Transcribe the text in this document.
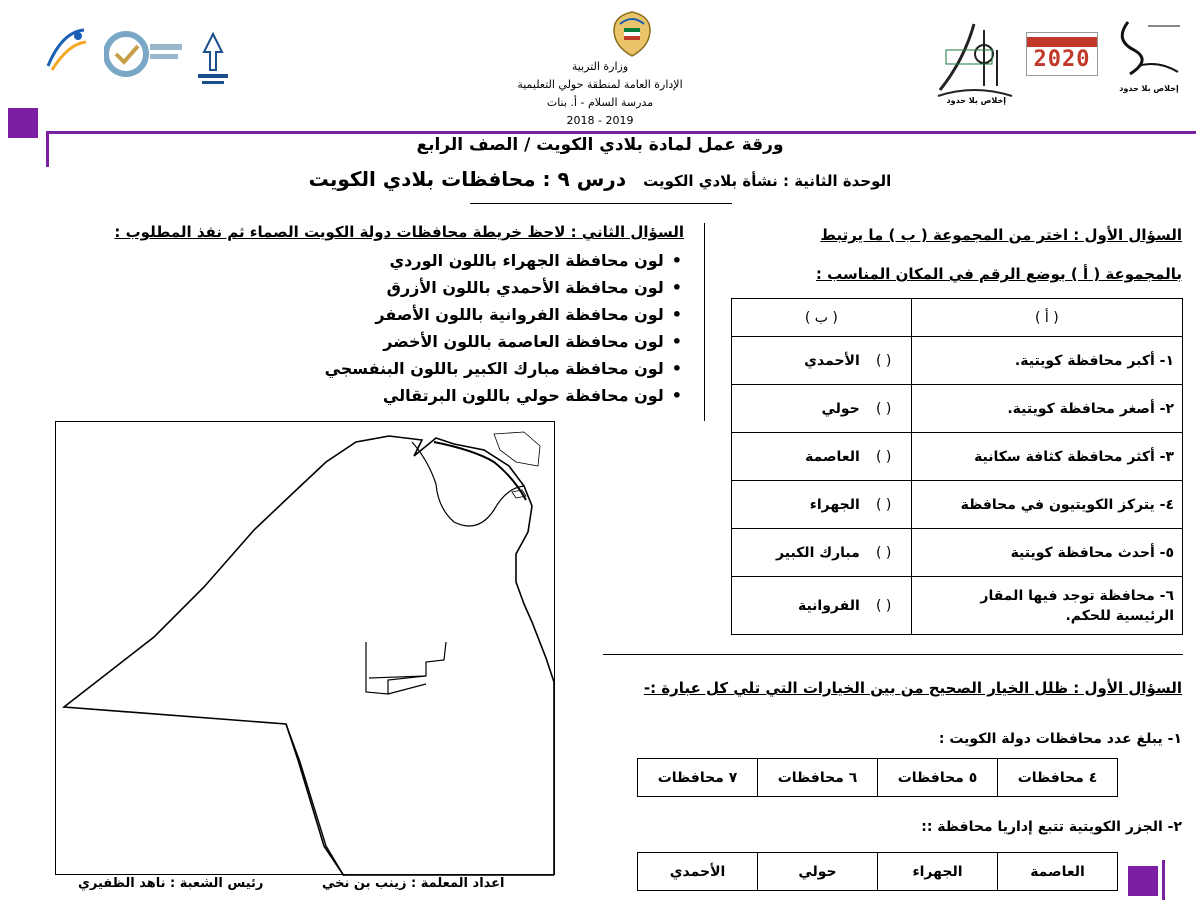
وزارة التربية
الإدارة العامة لمنطقة حولي التعليمية
مدرسة السلام - أ. بنات
2018 - 2019
إخلاص بلا حدود
2020
إخلاص بلا حدود
ورقة عمل لمادة بلادي الكويت / الصف الرابع
الوحدة الثانية : نشأة بلادي الكويت درس ٩ : محافظات بلادي الكويت
السؤال الثاني : لاحظ خريطة محافظات دولة الكويت الصماء ثم نفذ المطلوب :
• لون محافظة الجهراء باللون الوردي
• لون محافظة الأحمدي باللون الأزرق
• لون محافظة الفروانية باللون الأصفر
• لون محافظة العاصمة باللون الأخضر
• لون محافظة مبارك الكبير باللون البنفسجي
• لون محافظة حولي باللون البرتقالي
السؤال الأول : اختر من المجموعة ( ب ) ما يرتبط
بالمجموعة ( أ ) بوضع الرقم في المكان المناسب :
( أ )	( ب )
١- أكبر محافظة كويتية.	( ) الأحمدي
٢- أصغر محافظة كويتية.	( ) حولي
٣- أكثر محافظة كثافة سكانية	( ) العاصمة
٤- يتركز الكويتيون في محافظة	( ) الجهراء
٥- أحدث محافظة كويتية	( ) مبارك الكبير
٦- محافظة توجد فيها المقار الرئيسية للحكم.	( ) الفروانية
السؤال الأول : ظلل الخيار الصحيح من بين الخيارات التي تلي كل عبارة :-
١- يبلغ عدد محافظات دولة الكويت :
٤ محافظات	٥ محافظات	٦ محافظات	٧ محافظات
٢- الجزر الكويتية تتبع إداريا محافظة ::
العاصمة	الجهراء	حولي	الأحمدي
اعداد المعلمة : زينب بن نخي
رئيس الشعبة : ناهد الظفيري
